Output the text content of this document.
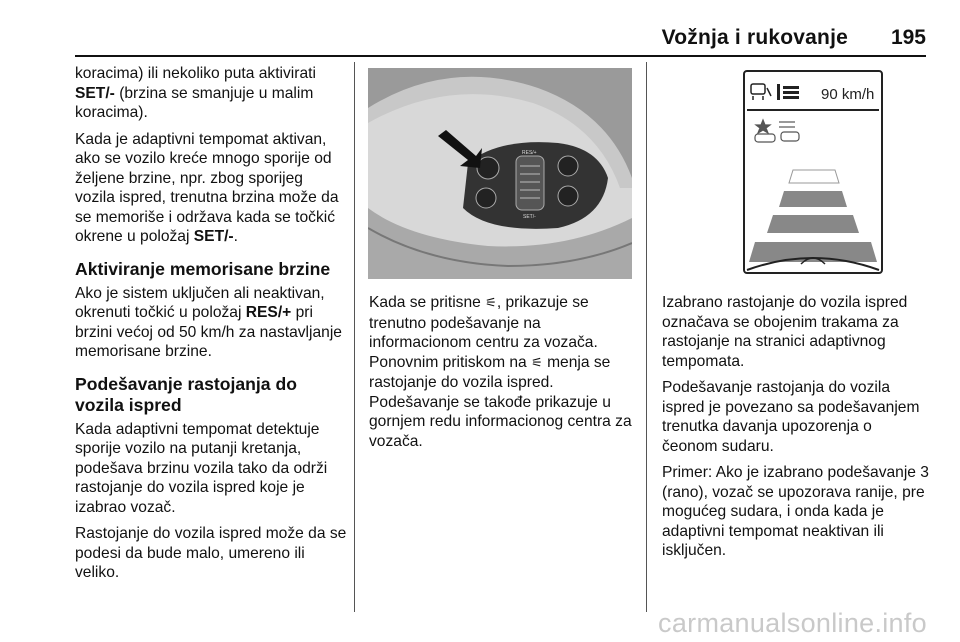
Vožnja i rukovanje 195

koracima) ili nekoliko puta aktivirati SET/- (brzina se smanjuje u malim koracima).

Kada je adaptivni tempomat aktivan, ako se vozilo kreće mnogo sporije od željene brzine, npr. zbog sporijeg vozila ispred, trenutna brzina može da se memoriše i održava kada se točkić okrene u položaj SET/-.

Aktiviranje memorisane brzine

Ako je sistem uključen ali neaktivan, okrenuti točkić u položaj RES/+ pri brzini većoj od 50 km/h za nastavljanje memorisane brzine.

Podešavanje rastojanja do vozila ispred

Kada adaptivni tempomat detektuje sporije vozilo na putanji kretanja, podešava brzinu vozila tako da održi rastojanje do vozila ispred koje je izabrao vozač.

Rastojanje do vozila ispred može da se podesi da bude malo, umereno ili veliko.

RES/+
SET/-

Kada se pritisne ⚟, prikazuje se trenutno podešavanje na informacionom centru za vozača. Ponovnim pritiskom na ⚟ menja se rastojanje do vozila ispred. Podešavanje se takođe prikazuje u gornjem redu informacionog centra za vozača.

90 km/h

Izabrano rastojanje do vozila ispred označava se obojenim trakama za rastojanje na stranici adaptivnog tempomata.

Podešavanje rastojanja do vozila ispred je povezano sa podešavanjem trenutka davanja upozorenja o čeonom sudaru.

Primer: Ako je izabrano podešavanje 3 (rano), vozač se upozorava ranije, pre mogućeg sudara, i onda kada je adaptivni tempomat neaktivan ili isključen.

carmanualsonline.info
